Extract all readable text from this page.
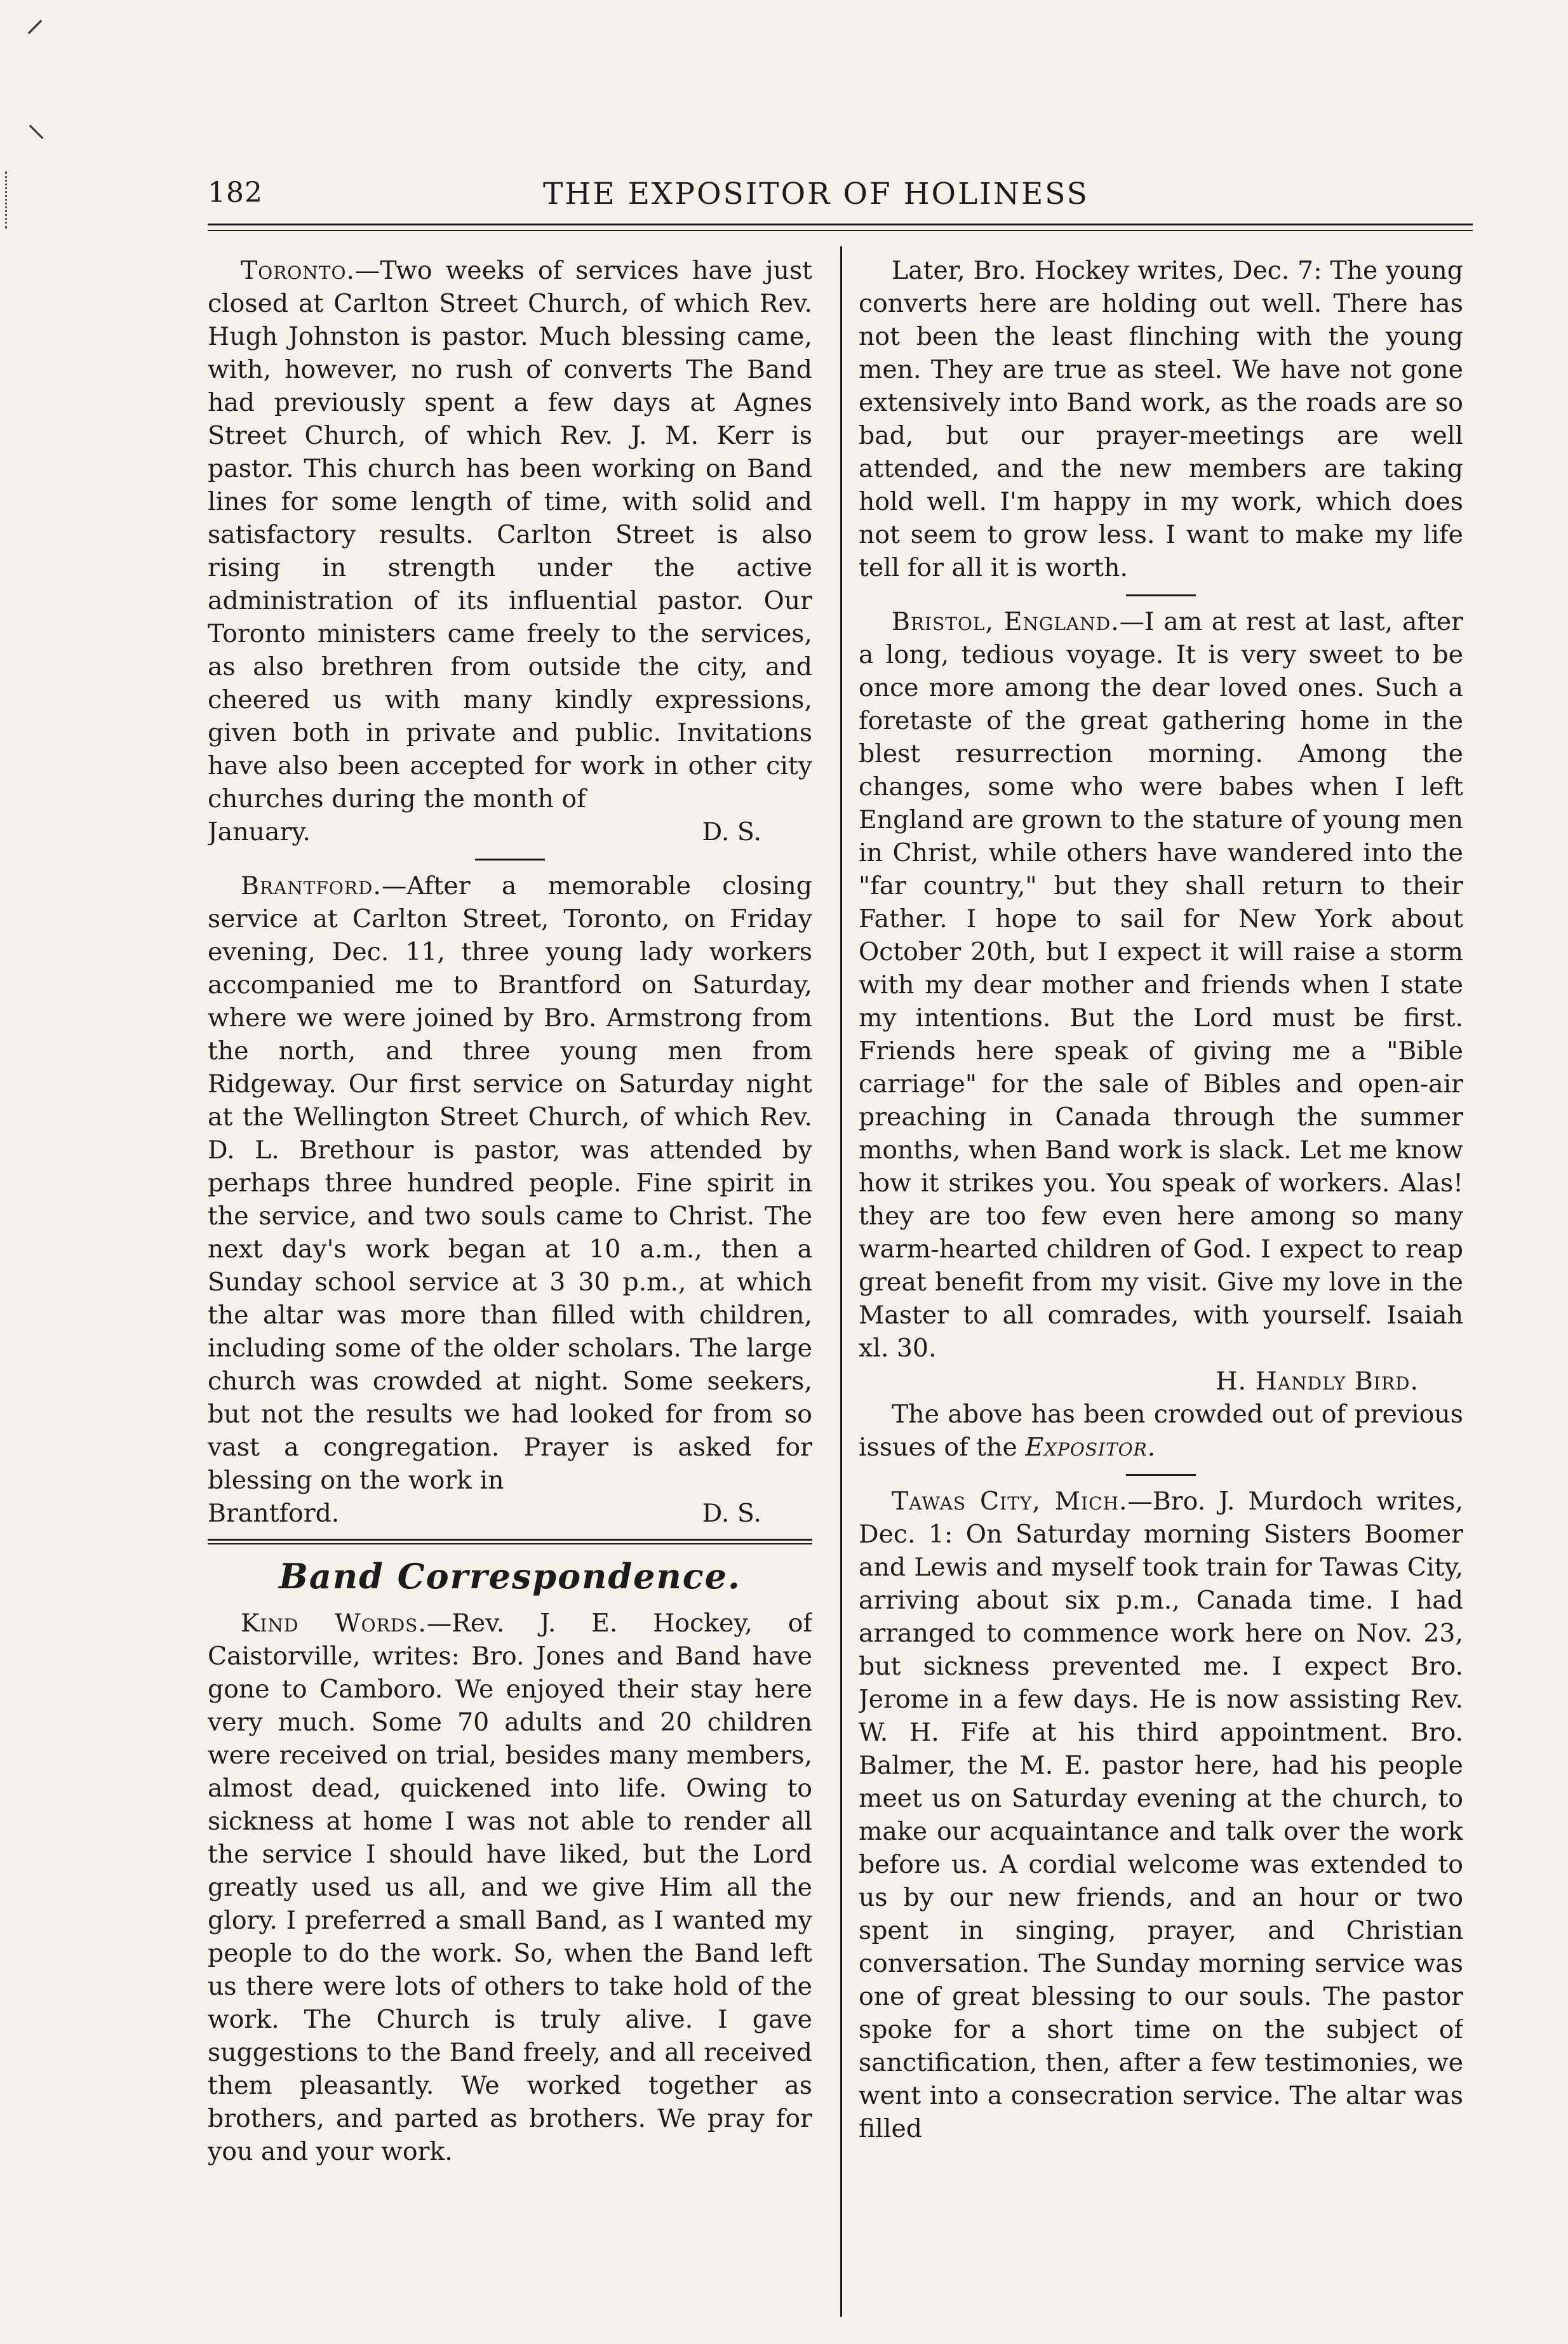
⸍
⸜
182	THE EXPOSITOR OF HOLINESS

Toronto.—Two weeks of services have just closed at Carlton Street Church, of which Rev. Hugh Johnston is pastor. Much blessing came, with, however, no rush of converts The Band had previously spent a few days at Agnes Street Church, of which Rev. J. M. Kerr is pastor. This church has been working on Band lines for some length of time, with solid and satisfactory results. Carlton Street is also rising in strength under the active administration of its influential pastor. Our Toronto ministers came freely to the services, as also brethren from outside the city, and cheered us with many kindly expressions, given both in private and public. Invitations have also been accepted for work in other city churches during the month of

January.	D. S.

Brantford.—After a memorable closing service at Carlton Street, Toronto, on Friday evening, Dec. 11, three young lady workers accompanied me to Brantford on Saturday, where we were joined by Bro. Armstrong from the north, and three young men from Ridgeway. Our first service on Saturday night at the Wellington Street Church, of which Rev. D. L. Brethour is pastor, was attended by perhaps three hundred people. Fine spirit in the service, and two souls came to Christ. The next day's work began at 10 a.m., then a Sunday school service at 3 30 p.m., at which the altar was more than filled with children, including some of the older scholars. The large church was crowded at night. Some seekers, but not the results we had looked for from so vast a congregation. Prayer is asked for blessing on the work in

Brantford.	D. S.

Band Correspondence.

Kind Words.—Rev. J. E. Hockey, of Caistorville, writes: Bro. Jones and Band have gone to Camboro. We enjoyed their stay here very much. Some 70 adults and 20 children were received on trial, besides many members, almost dead, quickened into life. Owing to sickness at home I was not able to render all the service I should have liked, but the Lord greatly used us all, and we give Him all the glory. I preferred a small Band, as I wanted my people to do the work. So, when the Band left us there were lots of others to take hold of the work. The Church is truly alive. I gave suggestions to the Band freely, and all received them pleasantly. We worked together as brothers, and parted as brothers. We pray for you and your work.

Later, Bro. Hockey writes, Dec. 7: The young converts here are holding out well. There has not been the least flinching with the young men. They are true as steel. We have not gone extensively into Band work, as the roads are so bad, but our prayer-meetings are well attended, and the new members are taking hold well. I'm happy in my work, which does not seem to grow less. I want to make my life tell for all it is worth.

Bristol, England.—I am at rest at last, after a long, tedious voyage. It is very sweet to be once more among the dear loved ones. Such a foretaste of the great gathering home in the blest resurrection morning. Among the changes, some who were babes when I left England are grown to the stature of young men in Christ, while others have wandered into the "far country," but they shall return to their Father. I hope to sail for New York about October 20th, but I expect it will raise a storm with my dear mother and friends when I state my intentions. But the Lord must be first. Friends here speak of giving me a "Bible carriage" for the sale of Bibles and open-air preaching in Canada through the summer months, when Band work is slack. Let me know how it strikes you. You speak of workers. Alas! they are too few even here among so many warm-hearted children of God. I expect to reap great benefit from my visit. Give my love in the Master to all comrades, with yourself. Isaiah xl. 30.

H. Handly Bird.

The above has been crowded out of previous issues of the Expositor.

Tawas City, Mich.—Bro. J. Murdoch writes, Dec. 1: On Saturday morning Sisters Boomer and Lewis and myself took train for Tawas City, arriving about six p.m., Canada time. I had arranged to commence work here on Nov. 23, but sickness prevented me. I expect Bro. Jerome in a few days. He is now assisting Rev. W. H. Fife at his third appointment. Bro. Balmer, the M. E. pastor here, had his people meet us on Saturday evening at the church, to make our acquaintance and talk over the work before us. A cordial welcome was extended to us by our new friends, and an hour or two spent in singing, prayer, and Christian conversation. The Sunday morning service was one of great blessing to our souls. The pastor spoke for a short time on the subject of sanctification, then, after a few testimonies, we went into a consecration service. The altar was filled
